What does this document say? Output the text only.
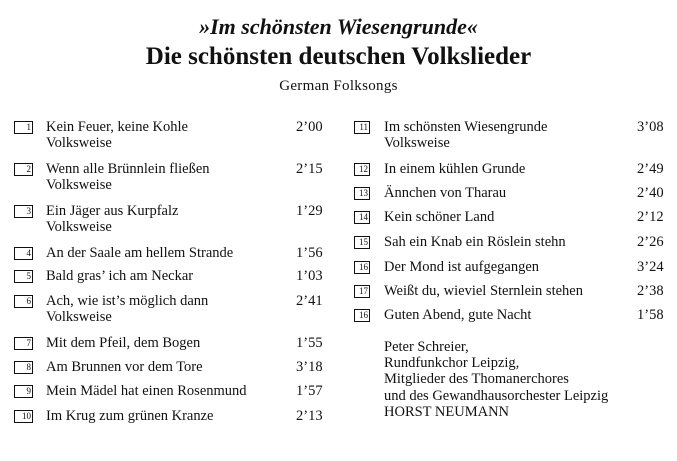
»Im schönsten Wiesengrunde«
Die schönsten deutschen Volkslieder
German Folksongs
1 Kein Feuer, keine Kohle	2’00
Volksweise
2 Wenn alle Brünnlein fließen	2’15
Volksweise
3 Ein Jäger aus Kurpfalz	1’29
Volksweise
4 An der Saale am hellem Strande	1’56
5 Bald gras’ ich am Neckar	1’03
6 Ach, wie ist’s möglich dann	2’41
Volksweise
7 Mit dem Pfeil, dem Bogen	1’55
8 Am Brunnen vor dem Tore	3’18
9 Mein Mädel hat einen Rosenmund	1’57
10 Im Krug zum grünen Kranze	2’13
11 Im schönsten Wiesengrunde	3’08
Volksweise
12 In einem kühlen Grunde	2’49
13 Ännchen von Tharau	2’40
14 Kein schöner Land	2’12
15 Sah ein Knab ein Röslein stehn	2’26
16 Der Mond ist aufgegangen	3’24
17 Weißt du, wieviel Sternlein stehen	2’38
16 Guten Abend, gute Nacht	1’58
Peter Schreier,
Rundfunkchor Leipzig,
Mitglieder des Thomanerchores
und des Gewandhausorchester Leipzig
HORST NEUMANN
